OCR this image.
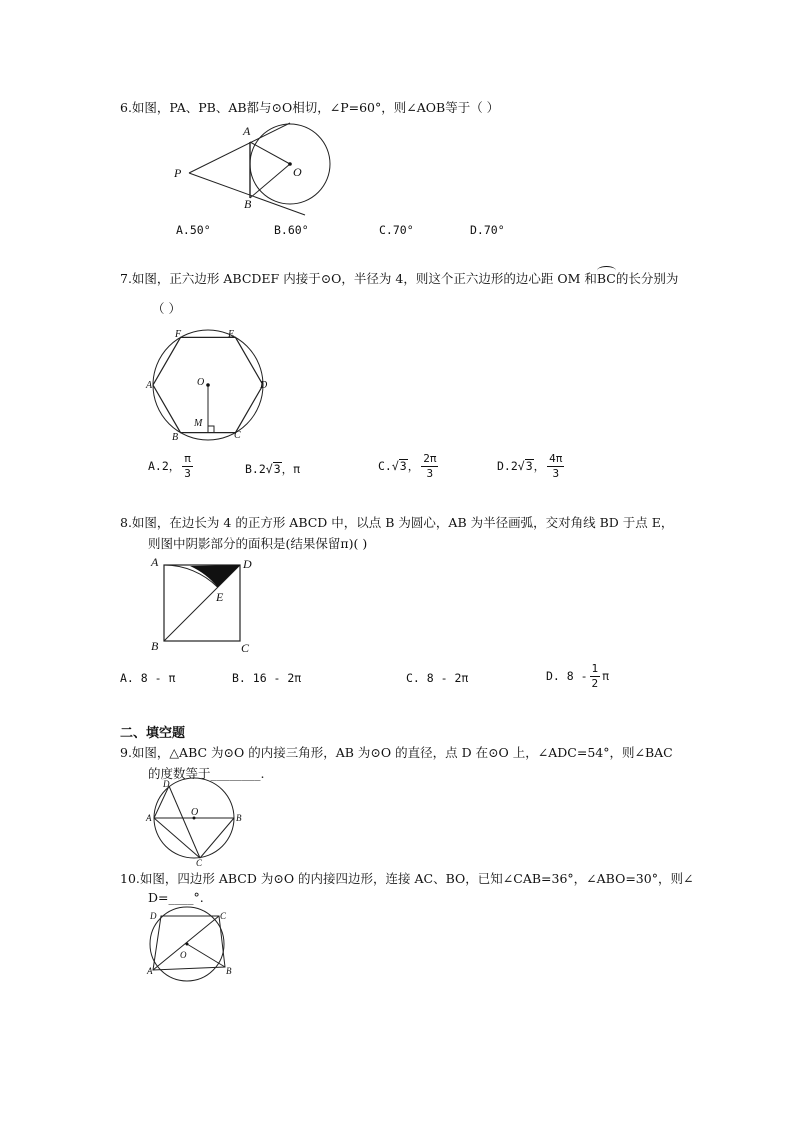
6.如图，PA、PB、AB都与⊙O相切，∠P=60°，则∠AOB等于（ ）
A
B
P	O
A.50°	B.60°	C.70°	D.70°
7.如图，正六边形 ABCDEF 内接于⊙O，半径为 4，则这个正六边形的边心距 OM 和BC的长分别为
（ ）
F	E
A	D
O
M
B	C
A.2， $\frac{\pi}{3}$	B.2√3，π	C.√3， $\frac{2\pi}{3}$	D.2√3， $\frac{4\pi}{3}$
8.如图，在边长为 4 的正方形 ABCD 中，以点 B 为圆心，AB 为半径画弧，交对角线 BD 于点 E，
则图中阴影部分的面积是(结果保留π)( )
A	D
E
B	C
A. 8 - π	B. 16 - 2π	C. 8 - 2π	D. $8 - \frac{1}{2}$ π
二、填空题
9.如图，△ABC 为⊙O 的内接三角形，AB 为⊙O 的直径，点 D 在⊙O 上，∠ADC=54°，则∠BAC
的度数等于________.
D
O
A	B
C
10.如图，四边形 ABCD 为⊙O 的内接四边形，连接 AC、BO，已知∠CAB=36°，∠ABO=30°，则∠
D=____°.
D	C
O
A	B
